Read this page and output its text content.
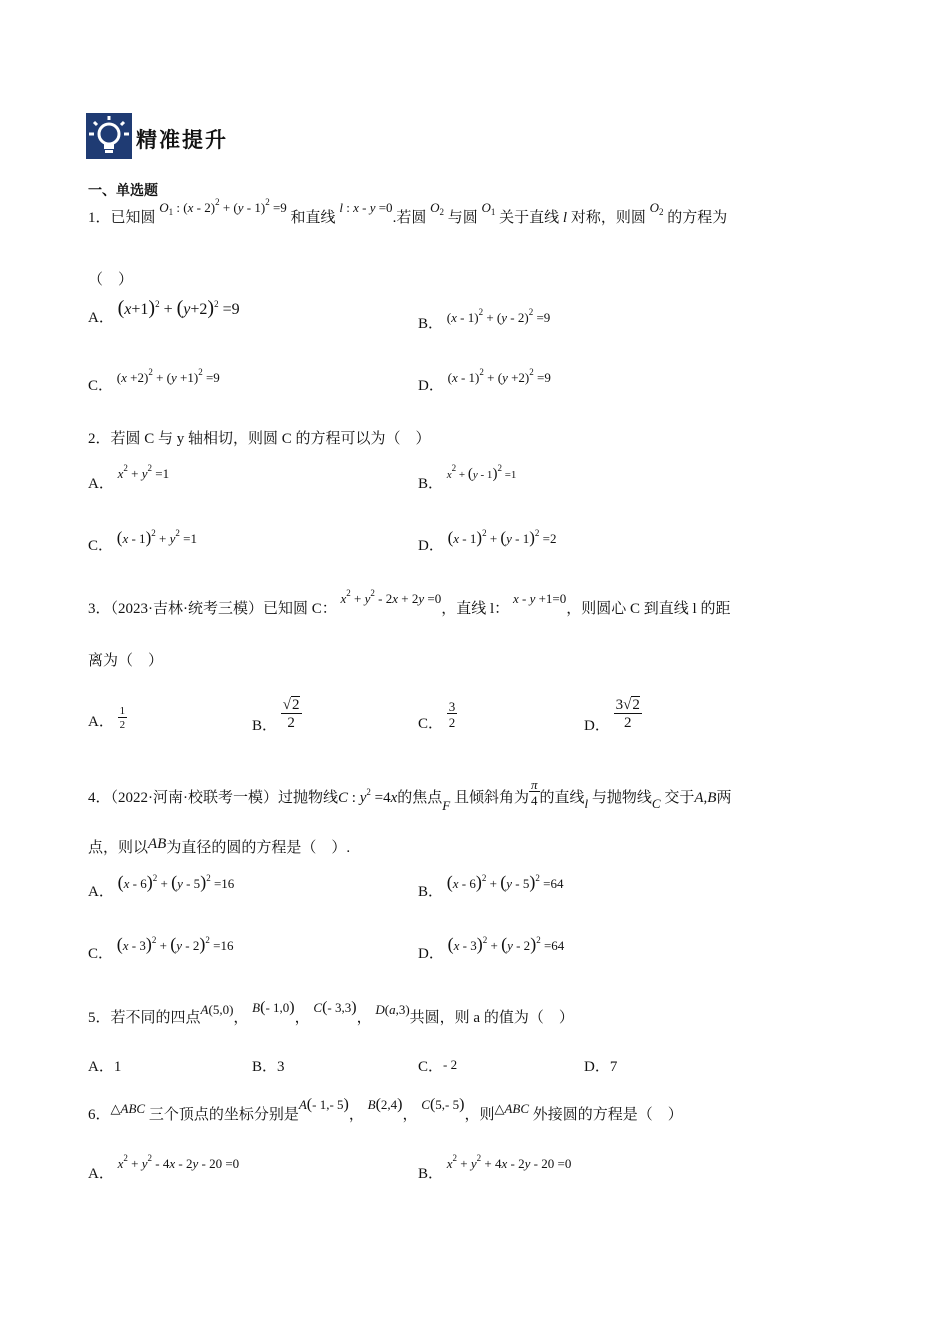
精准提升
一、单选题
1．已知圆 $O_1$ : (x - 2)$^2$ + (y - 1)$^2$ =9 和直线 l : x - y =0.若圆 $O_2$ 与圆 $O_1$ 关于直线 l 对称，则圆 $O_2$ 的方程为
（　）
A． $(x+1)^2 + (y+2)^2 =9$
B． (x - 1)$^2$ + (y - 2)$^2$ =9
C． $(x +2)^2 + (y +1)^2 =9$
D． $(x - 1)^2 + (y +2)^2 =9$
2．若圆 C 与 y 轴相切，则圆 C 的方程可以为（　）
A． $x^2 + y^2 =1$
B． $^{x^2 + (y - 1)^2 =1}$
C． $(x - 1)^2 + y^2 =1$	D． (x - 1)$^2$ + (y - 1)$^2$ =2
3．（2023·吉林·统考三模）已知圆 C： $x^2 + y^2 - 2x + 2y =0$，直线 l： x - y +1=0，则圆心 C 到直线 l 的距
离为（　）
A． $\frac{1}{2}$	B． $\frac{√2}{2}$	C． $\frac{3}{2}$	D． $\frac{3√2}{2}$
4．（2022·河南·校联考一模）过抛物线C : $y^2 =4x$的焦点F 且倾斜角为 $\frac{\pi}{4}$ 的直线l 与抛物线C 交于A,B两
点，则以AB为直径的圆的方程是（　）.
A． (x - 6)$^2$ + (y - 5)$^2$ =16
B． (x - 6)$^2$ + (y - 5)$^2$ =64
C． (x - 3)$^2$ + (y - 2)$^2$ =16
D． (x - 3)$^2$ + (y - 2)$^2$ =64
5．若不同的四点A(5,0)， B(- 1,0)， C(- 3,3)， D(a,3)共圆，则 a 的值为（　）
A．1	B．3	C．- 2	D．7
6．△ABC 三个顶点的坐标分别是A(- 1,- 5)， B(2,4)， C(5,- 5)，则△ABC 外接圆的方程是（　）
A． $x^2 + y^2 - 4x - 2y - 20 =0$
B． $x^2 + y^2 + 4x - 2y - 20 =0$
